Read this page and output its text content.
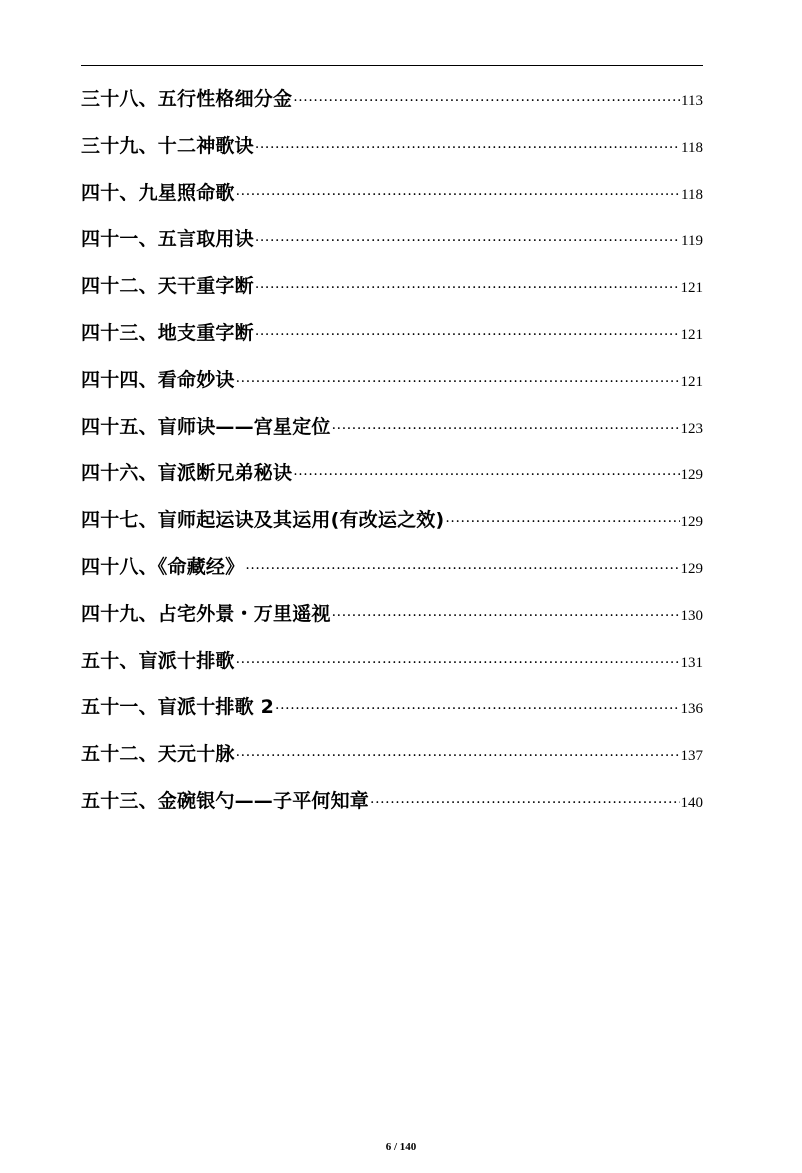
三十八、五行性格细分金 ·····	113
三十九、十二神歌诀 ·····	118
四十、九星照命歌 ·····	118
四十一、五言取用诀 ·····	119
四十二、天干重字断 ·····	121
四十三、地支重字断 ·····	121
四十四、看命妙诀 ·····	121
四十五、盲师诀——宫星定位 ·····	123
四十六、盲派断兄弟秘诀 ·····	129
四十七、盲师起运诀及其运用(有改运之效) ·····	129
四十八、《命藏经》 ·····	129
四十九、占宅外景・万里遥视 ·····	130
五十、盲派十排歌 ·····	131
五十一、盲派十排歌 2 ·····	136
五十二、天元十脉 ·····	137
五十三、金碗银勺——子平何知章 ·····	140
6 / 140
